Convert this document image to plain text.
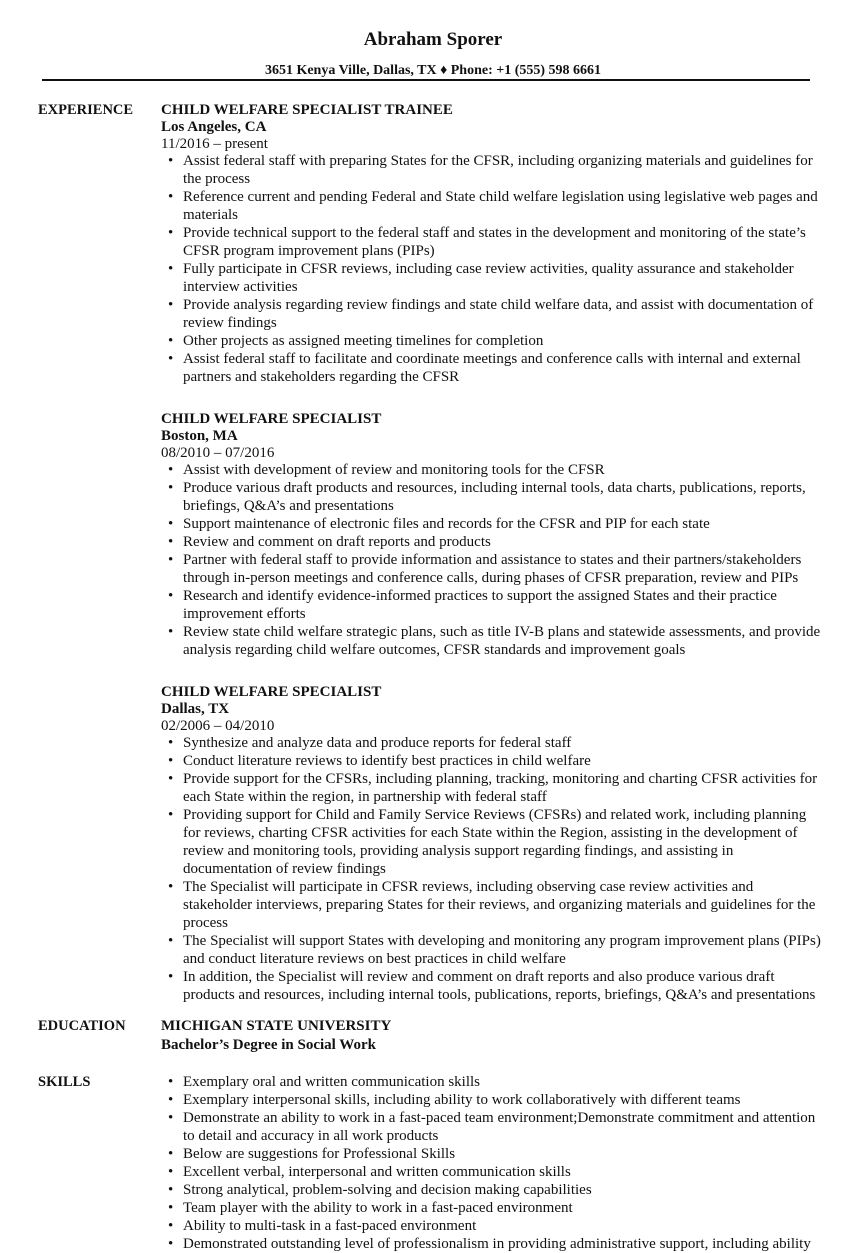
Abraham Sporer
3651 Kenya Ville, Dallas, TX ♦ Phone: +1 (555) 598 6661
EXPERIENCE CHILD WELFARE SPECIALIST TRAINEE
Los Angeles, CA
11/2016 – present
• Assist federal staff with preparing States for the CFSR, including organizing materials and guidelines for the process
• Reference current and pending Federal and State child welfare legislation using legislative web pages and materials
• Provide technical support to the federal staff and states in the development and monitoring of the state’s CFSR program improvement plans (PIPs)
• Fully participate in CFSR reviews, including case review activities, quality assurance and stakeholder interview activities
• Provide analysis regarding review findings and state child welfare data, and assist with documentation of review findings
• Other projects as assigned meeting timelines for completion
• Assist federal staff to facilitate and coordinate meetings and conference calls with internal and external partners and stakeholders regarding the CFSR
CHILD WELFARE SPECIALIST
Boston, MA
08/2010 – 07/2016
• Assist with development of review and monitoring tools for the CFSR
• Produce various draft products and resources, including internal tools, data charts, publications, reports, briefings, Q&A’s and presentations
• Support maintenance of electronic files and records for the CFSR and PIP for each state
• Review and comment on draft reports and products
• Partner with federal staff to provide information and assistance to states and their partners/stakeholders through in-person meetings and conference calls, during phases of CFSR preparation, review and PIPs
• Research and identify evidence-informed practices to support the assigned States and their practice improvement efforts
• Review state child welfare strategic plans, such as title IV-B plans and statewide assessments, and provide analysis regarding child welfare outcomes, CFSR standards and improvement goals
CHILD WELFARE SPECIALIST
Dallas, TX
02/2006 – 04/2010
• Synthesize and analyze data and produce reports for federal staff
• Conduct literature reviews to identify best practices in child welfare
• Provide support for the CFSRs, including planning, tracking, monitoring and charting CFSR activities for each State within the region, in partnership with federal staff
• Providing support for Child and Family Service Reviews (CFSRs) and related work, including planning for reviews, charting CFSR activities for each State within the Region, assisting in the development of review and monitoring tools, providing analysis support regarding findings, and assisting in documentation of review findings
• The Specialist will participate in CFSR reviews, including observing case review activities and stakeholder interviews, preparing States for their reviews, and organizing materials and guidelines for the process
• The Specialist will support States with developing and monitoring any program improvement plans (PIPs) and conduct literature reviews on best practices in child welfare
• In addition, the Specialist will review and comment on draft reports and also produce various draft products and resources, including internal tools, publications, reports, briefings, Q&A’s and presentations
EDUCATION MICHIGAN STATE UNIVERSITY
Bachelor’s Degree in Social Work
SKILLS
•	Exemplary oral and written communication skills
• Exemplary interpersonal skills, including ability to work collaboratively with different teams
• Demonstrate an ability to work in a fast-paced team environment;Demonstrate commitment and attention to detail and accuracy in all work products
• Below are suggestions for Professional Skills
• Excellent verbal, interpersonal and written communication skills
• Strong analytical, problem-solving and decision making capabilities
• Team player with the ability to work in a fast-paced environment
• Ability to multi-task in a fast-paced environment
• Demonstrated outstanding level of professionalism in providing administrative support, including ability
